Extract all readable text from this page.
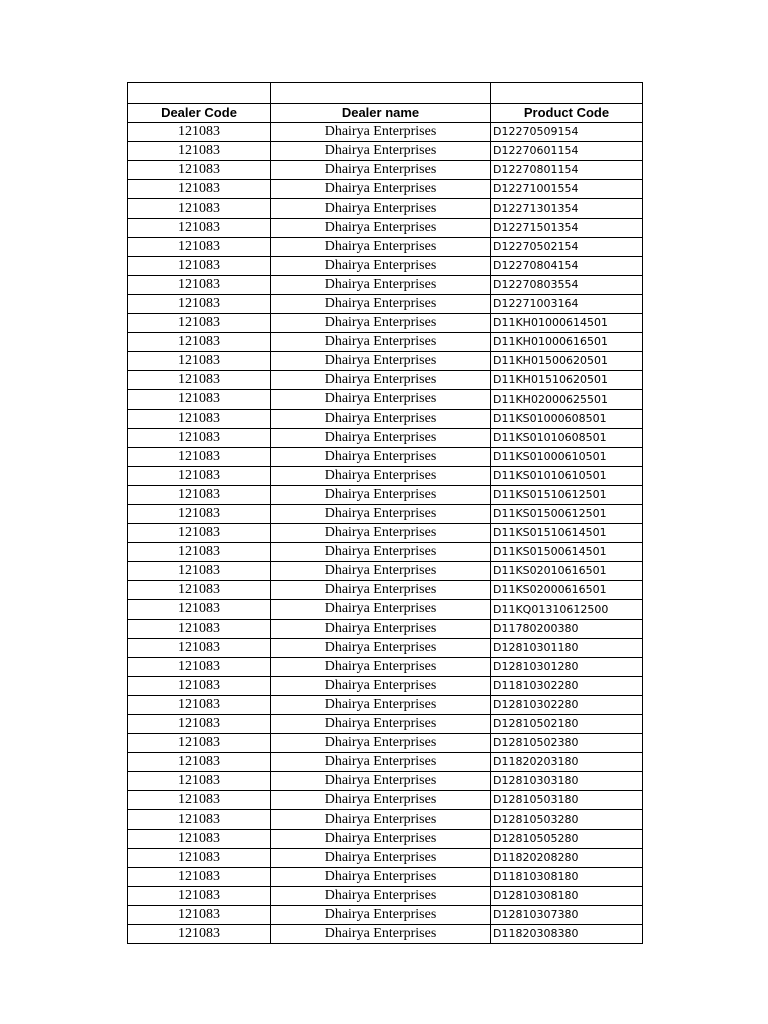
Dealer Code	Dealer name	Product Code
121083	Dhairya Enterprises	D12270509154
121083	Dhairya Enterprises	D12270601154
121083	Dhairya Enterprises	D12270801154
121083	Dhairya Enterprises	D12271001554
121083	Dhairya Enterprises	D12271301354
121083	Dhairya Enterprises	D12271501354
121083	Dhairya Enterprises	D12270502154
121083	Dhairya Enterprises	D12270804154
121083	Dhairya Enterprises	D12270803554
121083	Dhairya Enterprises	D12271003164
121083	Dhairya Enterprises	D11KH01000614501
121083	Dhairya Enterprises	D11KH01000616501
121083	Dhairya Enterprises	D11KH01500620501
121083	Dhairya Enterprises	D11KH01510620501
121083	Dhairya Enterprises	D11KH02000625501
121083	Dhairya Enterprises	D11KS01000608501
121083	Dhairya Enterprises	D11KS01010608501
121083	Dhairya Enterprises	D11KS01000610501
121083	Dhairya Enterprises	D11KS01010610501
121083	Dhairya Enterprises	D11KS01510612501
121083	Dhairya Enterprises	D11KS01500612501
121083	Dhairya Enterprises	D11KS01510614501
121083	Dhairya Enterprises	D11KS01500614501
121083	Dhairya Enterprises	D11KS02010616501
121083	Dhairya Enterprises	D11KS02000616501
121083	Dhairya Enterprises	D11KQ01310612500
121083	Dhairya Enterprises	D11780200380
121083	Dhairya Enterprises	D12810301180
121083	Dhairya Enterprises	D12810301280
121083	Dhairya Enterprises	D11810302280
121083	Dhairya Enterprises	D12810302280
121083	Dhairya Enterprises	D12810502180
121083	Dhairya Enterprises	D12810502380
121083	Dhairya Enterprises	D11820203180
121083	Dhairya Enterprises	D12810303180
121083	Dhairya Enterprises	D12810503180
121083	Dhairya Enterprises	D12810503280
121083	Dhairya Enterprises	D12810505280
121083	Dhairya Enterprises	D11820208280
121083	Dhairya Enterprises	D11810308180
121083	Dhairya Enterprises	D12810308180
121083	Dhairya Enterprises	D12810307380
121083	Dhairya Enterprises	D11820308380
